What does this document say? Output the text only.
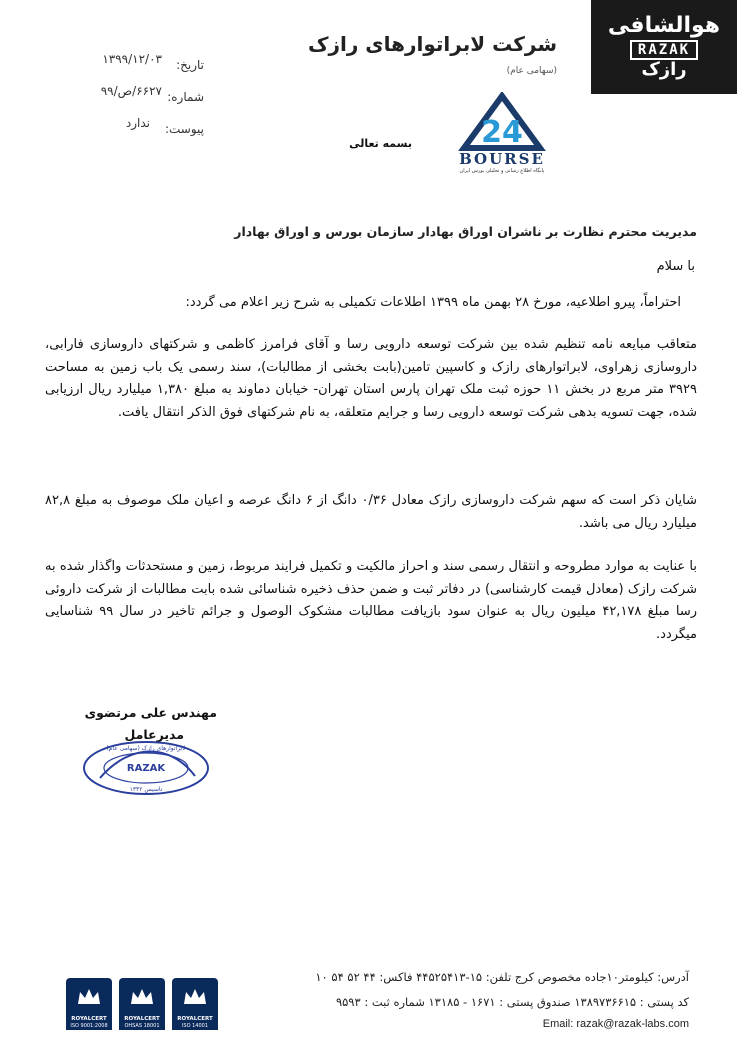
هوالشافی
RAZAK
رازک
شرکت لابراتوارهای رازک
(سهامی عام)
تاریخ:
۱۳۹۹/۱۲/۰۳
شماره:
۶۶۲۷/ص/۹۹
پیوست:
ندارد	24
BOURSE
پایگاه اطلاع رسانی و تحلیلی بورس ایران
بسمه تعالی
مدیریت محترم نظارت بر ناشران اوراق بهادار سازمان بورس و اوراق بهادار
با سلام
احتراماً، پیرو اطلاعیه، مورخ ۲۸ بهمن ماه ۱۳۹۹ اطلاعات تکمیلی به شرح زیر اعلام می گردد:
متعاقب مبایعه نامه تنظیم شده بین شرکت توسعه دارویی رسا و آقای فرامرز کاظمی و شرکتهای داروسازی فارابی، داروسازی زهراوی، لابراتوارهای رازک و کاسپین تامین(بابت بخشی از مطالبات)، سند رسمی یک باب زمین به مساحت ۳۹۲۹ متر مربع در بخش ۱۱ حوزه ثبت ملک تهران پارس استان تهران- خیابان دماوند به مبلغ ۱,۳۸۰ میلیارد ریال ارزیابی شده، جهت تسویه بدهی شرکت توسعه دارویی رسا و جرایم متعلقه، به نام شرکتهای فوق الذکر انتقال یافت.
شایان ذکر است که سهم شرکت داروسازی رازک معادل ۰/۳۶ دانگ از ۶ دانگ عرصه و اعیان ملک موصوف به مبلغ ۸۲,۸ میلیارد ریال می باشد.
با عنایت به موارد مطروحه و انتقال رسمی سند و احراز مالکیت و تکمیل فرایند مربوط، زمین و مستحدثات واگذار شده به شرکت رازک (معادل قیمت کارشناسی) در دفاتر ثبت و ضمن حذف ذخیره شناسائی شده بابت مطالبات از شرکت داروئی رسا مبلغ ۴۲,۱۷۸ میلیون ریال به عنوان سود بازیافت مطالبات مشکوک الوصول و جرائم تاخیر در سال ۹۹ شناسایی میگردد.
مهندس علی مرتضوی
مدیرعامل
لابراتوارهای رازک (سهامی عام)
RAZAK
تاسیس ۱۳۴۲
آدرس: کیلومتر۱۰جاده مخصوص کرج تلفن: ۱۵-۴۴۵۲۵۴۱۳ فاکس: ۴۴ ۵۲ ۵۴ ۱۰
کد پستی : ۱۳۸۹۷۳۶۶۱۵ صندوق پستی : ۱۶۷۱ - ۱۳۱۸۵ شماره ثبت : ۹۵۹۳
Email: razak@razak-labs.com
ROYALCERT
ISO 9001:2008
ROYALCERT
OHSAS 18001
ROYALCERT
ISO 14001
